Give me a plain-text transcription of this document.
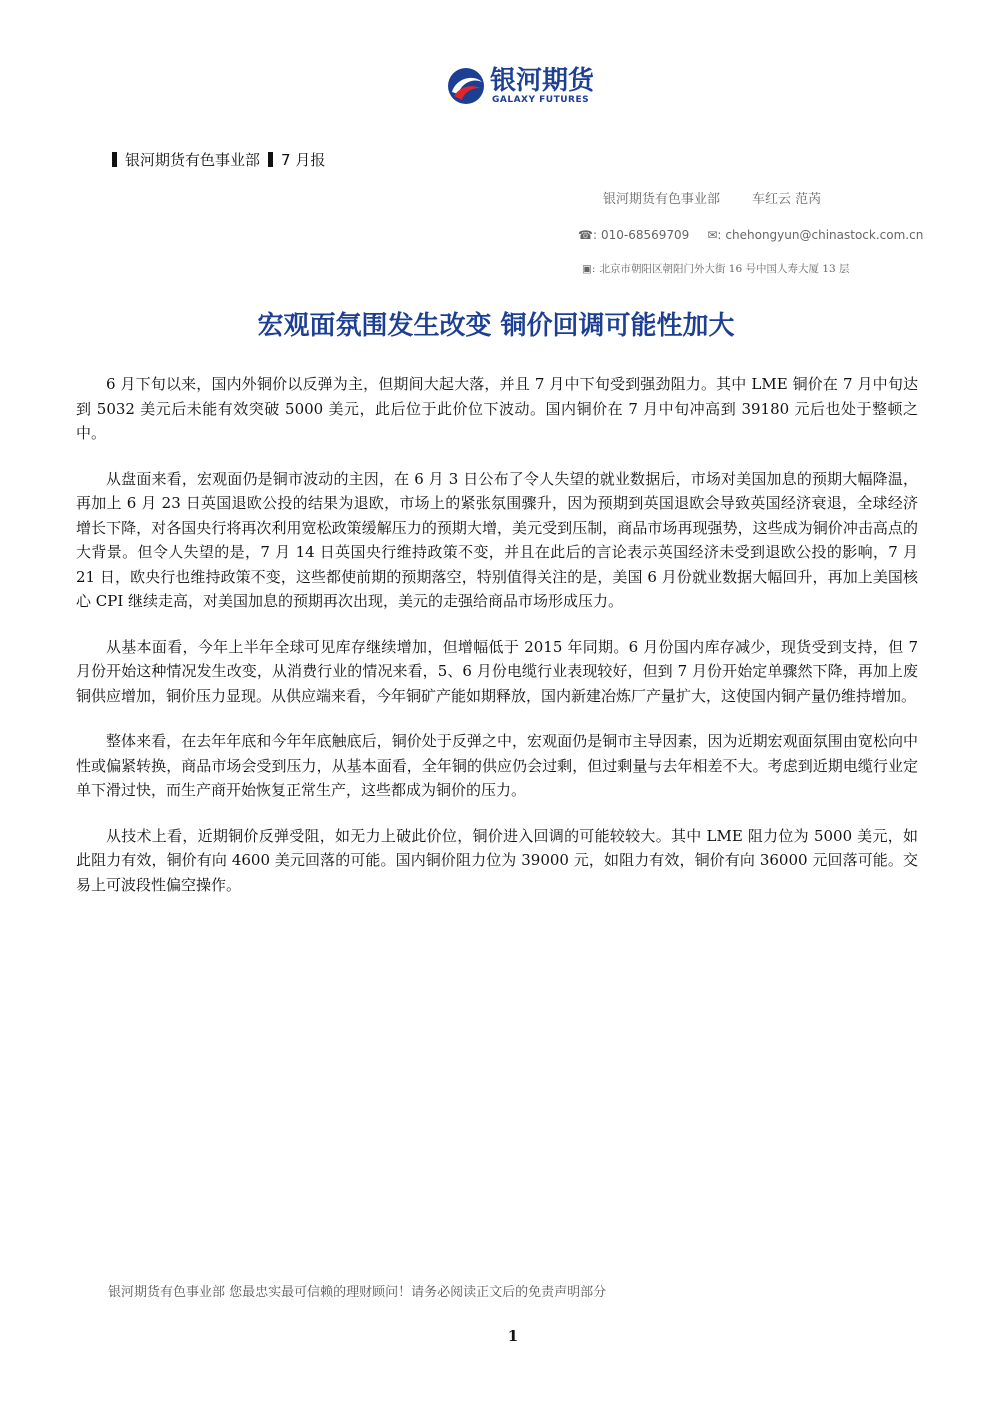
银河期货
GALAXY FUTURES
银河期货有色事业部 7 月报
银河期货有色事业部 车红云 范芮
☎: 010-68569709 ✉: chehongyun@chinastock.com.cn
▣: 北京市朝阳区朝阳门外大街 16 号中国人寿大厦 13 层
宏观面氛围发生改变 铜价回调可能性加大

6 月下旬以来，国内外铜价以反弹为主，但期间大起大落，并且 7 月中下旬受到强劲阻力。其中 LME 铜价在 7 月中旬达到 5032 美元后未能有效突破 5000 美元，此后位于此价位下波动。国内铜价在 7 月中旬冲高到 39180 元后也处于整顿之中。

从盘面来看，宏观面仍是铜市波动的主因，在 6 月 3 日公布了令人失望的就业数据后，市场对美国加息的预期大幅降温，再加上 6 月 23 日英国退欧公投的结果为退欧，市场上的紧张氛围骤升，因为预期到英国退欧会导致英国经济衰退，全球经济增长下降，对各国央行将再次利用宽松政策缓解压力的预期大增，美元受到压制，商品市场再现强势，这些成为铜价冲击高点的大背景。但令人失望的是，7 月 14 日英国央行维持政策不变，并且在此后的言论表示英国经济未受到退欧公投的影响，7 月 21 日，欧央行也维持政策不变，这些都使前期的预期落空，特别值得关注的是，美国 6 月份就业数据大幅回升，再加上美国核心 CPI 继续走高，对美国加息的预期再次出现，美元的走强给商品市场形成压力。

从基本面看，今年上半年全球可见库存继续增加，但增幅低于 2015 年同期。6 月份国内库存减少，现货受到支持，但 7 月份开始这种情况发生改变，从消费行业的情况来看，5、6 月份电缆行业表现较好，但到 7 月份开始定单骤然下降，再加上废铜供应增加，铜价压力显现。从供应端来看，今年铜矿产能如期释放，国内新建冶炼厂产量扩大，这使国内铜产量仍维持增加。

整体来看，在去年年底和今年年底触底后，铜价处于反弹之中，宏观面仍是铜市主导因素，因为近期宏观面氛围由宽松向中性或偏紧转换，商品市场会受到压力，从基本面看，全年铜的供应仍会过剩，但过剩量与去年相差不大。考虑到近期电缆行业定单下滑过快，而生产商开始恢复正常生产，这些都成为铜价的压力。

从技术上看，近期铜价反弹受阻，如无力上破此价位，铜价进入回调的可能较较大。其中 LME 阻力位为 5000 美元，如此阻力有效，铜价有向 4600 美元回落的可能。国内铜价阻力位为 39000 元，如阻力有效，铜价有向 36000 元回落可能。交易上可波段性偏空操作。

银河期货有色事业部 您最忠实最可信赖的理财顾问！请务必阅读正文后的免责声明部分
1
